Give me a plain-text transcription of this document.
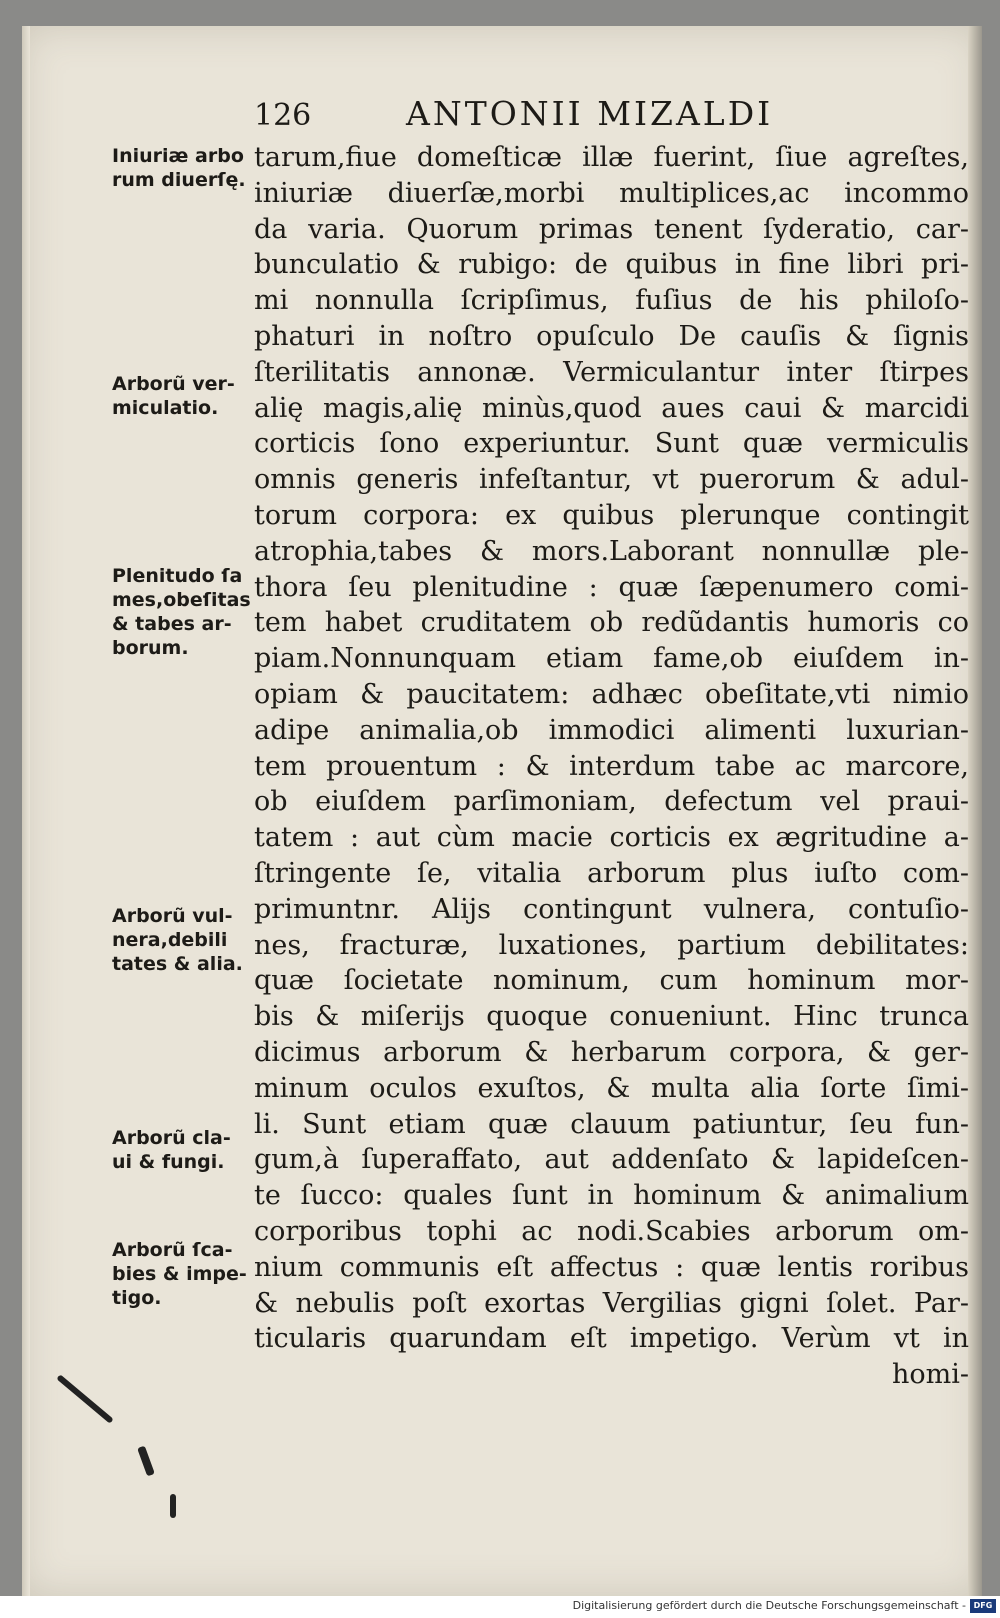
126	ANTONII MIZALDI
tarum,fiue domeſticæ illæ fuerint, ſiue agreſtes,
iniuriæ diuerſæ,morbi multiplices,ac incommo
da varia. Quorum primas tenent ſyderatio, car-
bunculatio & rubigo: de quibus in fine libri pri-
mi nonnulla ſcripſimus, fuſius de his philoſo-
phaturi in noſtro opuſculo De cauſis & ſignis
ſterilitatis annonæ. Vermiculantur inter ſtirpes
alię magis,alię minùs,quod aues caui & marcidi
corticis ſono experiuntur. Sunt quæ vermiculis
omnis generis infeſtantur, vt puerorum & adul-
torum corpora: ex quibus plerunque contingit
atrophia,tabes & mors.Laborant nonnullæ ple-
thora ſeu plenitudine : quæ ſæpenumero comi-
tem habet cruditatem ob redũdantis humoris co
piam.Nonnunquam etiam fame,ob eiuſdem in-
opiam & paucitatem: adhæc obeſitate,vti nimio
adipe animalia,ob immodici alimenti luxurian-
tem prouentum : & interdum tabe ac marcore,
ob eiuſdem parſimoniam, defectum vel praui-
tatem : aut cùm macie corticis ex ægritudine a-
ſtringente ſe, vitalia arborum plus iuſto com-
primuntnr. Alijs contingunt vulnera, contuſio-
nes, fracturæ, luxationes, partium debilitates:
quæ ſocietate nominum, cum hominum mor-
bis & miſerijs quoque conueniunt. Hinc trunca
dicimus arborum & herbarum corpora, & ger-
minum oculos exuſtos, & multa alia ſorte ſimi-
li. Sunt etiam quæ clauum patiuntur, ſeu fun-
gum,à ſuperaffato, aut addenſato & lapideſcen-
te ſucco: quales ſunt in hominum & animalium
corporibus tophi ac nodi.Scabies arborum om-
nium communis eſt affectus : quæ lentis roribus
& nebulis poſt exortas Vergilias gigni ſolet. Par-
ticularis quarundam eſt impetigo. Verùm vt in
homi-
Iniuriæ arbo
rum diuerſę.
Arborũ ver-
miculatio.
Plenitudo ſa
mes,obeſitas
& tabes ar-
borum.
Arborũ vul-
nera,debili
tates & alia.
Arborũ cla-
ui & fungi.
Arborũ ſca-
bies & impe-
tigo.
Digitalisierung gefördert durch die Deutsche Forschungsgemeinschaft - DFG
